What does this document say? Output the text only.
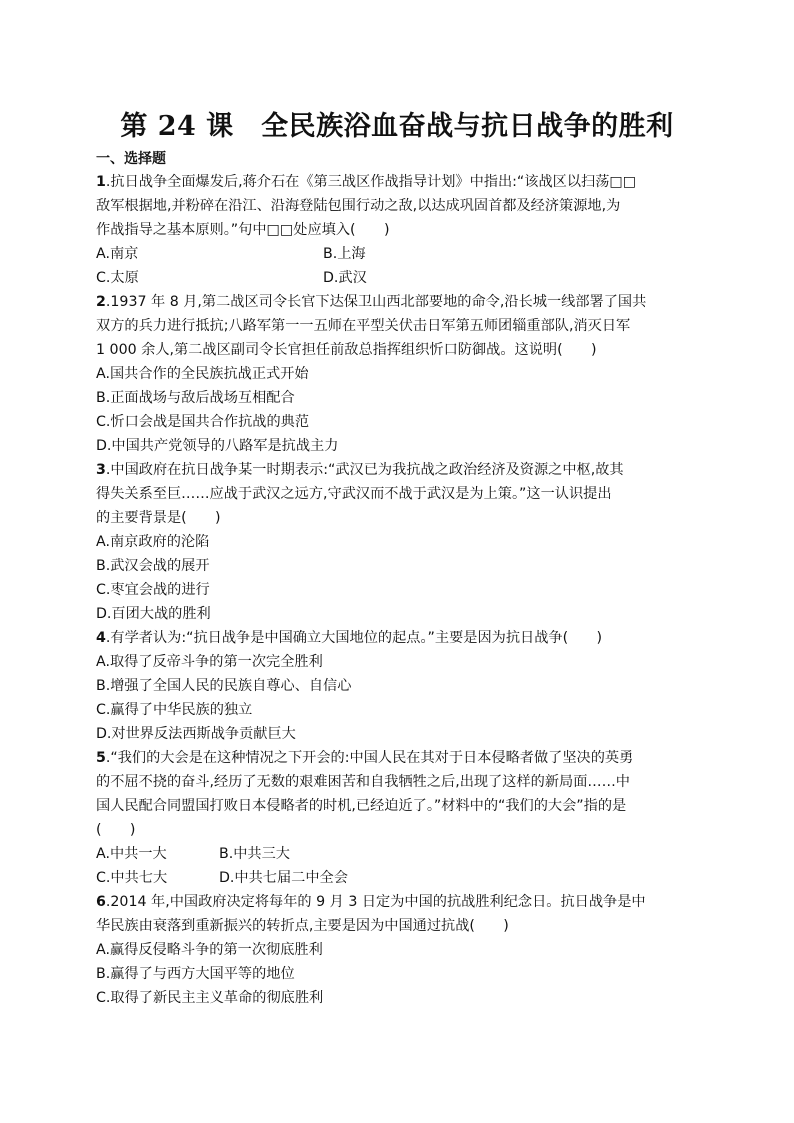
第 24 课　全民族浴血奋战与抗日战争的胜利
一、选择题
1.抗日战争全面爆发后,蒋介石在《第三战区作战指导计划》中指出:“该战区以扫荡□□
敌军根据地,并粉碎在沿江、沿海登陆包围行动之敌,以达成巩固首都及经济策源地,为
作战指导之基本原则。”句中□□处应填入(　　)
A.南京	B.上海
C.太原	D.武汉
2.1937 年 8 月,第二战区司令长官下达保卫山西北部要地的命令,沿长城一线部署了国共
双方的兵力进行抵抗;八路军第一一五师在平型关伏击日军第五师团辎重部队,消灭日军
1 000 余人,第二战区副司令长官担任前敌总指挥组织忻口防御战。这说明(　　)
A.国共合作的全民族抗战正式开始
B.正面战场与敌后战场互相配合
C.忻口会战是国共合作抗战的典范
D.中国共产党领导的八路军是抗战主力
3.中国政府在抗日战争某一时期表示:“武汉已为我抗战之政治经济及资源之中枢,故其
得失关系至巨……应战于武汉之远方,守武汉而不战于武汉是为上策。”这一认识提出
的主要背景是(　　)
A.南京政府的沦陷
B.武汉会战的展开
C.枣宜会战的进行
D.百团大战的胜利
4.有学者认为:“抗日战争是中国确立大国地位的起点。”主要是因为抗日战争(　　)
A.取得了反帝斗争的第一次完全胜利
B.增强了全国人民的民族自尊心、自信心
C.赢得了中华民族的独立
D.对世界反法西斯战争贡献巨大
5.“我们的大会是在这种情况之下开会的:中国人民在其对于日本侵略者做了坚决的英勇
的不屈不挠的奋斗,经历了无数的艰难困苦和自我牺牲之后,出现了这样的新局面……中
国人民配合同盟国打败日本侵略者的时机,已经迫近了。”材料中的“我们的大会”指的是
(　　)
A.中共一大	B.中共三大
C.中共七大	D.中共七届二中全会
6.2014 年,中国政府决定将每年的 9 月 3 日定为中国的抗战胜利纪念日。抗日战争是中
华民族由衰落到重新振兴的转折点,主要是因为中国通过抗战(　　)
A.赢得反侵略斗争的第一次彻底胜利
B.赢得了与西方大国平等的地位
C.取得了新民主主义革命的彻底胜利
